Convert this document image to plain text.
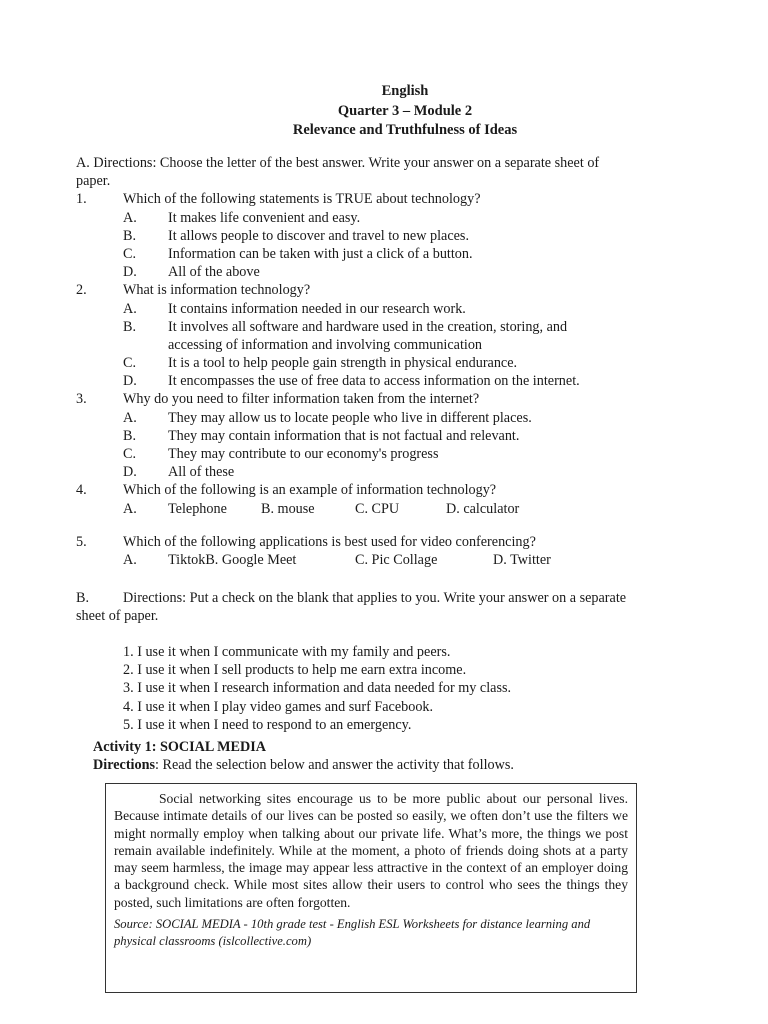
English
Quarter 3 – Module 2
Relevance and Truthfulness of Ideas
A. Directions: Choose the letter of the best answer. Write your answer on a separate sheet of
paper.
1.	Which of the following statements is TRUE about technology?
A. It makes life convenient and easy.
B. It allows people to discover and travel to new places.
C. Information can be taken with just a click of a button.
D. All of the above
2.	What is information technology?
A. It contains information needed in our research work.
B. It involves all software and hardware used in the creation, storing, and
accessing of information and involving communication
C. It is a tool to help people gain strength in physical endurance.
D. It encompasses the use of free data to access information on the internet.
3.	Why do you need to filter information taken from the internet?
A. They may allow us to locate people who live in different places.
B. They may contain information that is not factual and relevant.
C. They may contribute to our economy's progress
D. All of these
4.	Which of the following is an example of information technology?
A. Telephone B. mouse	C. CPU	D. calculator
5.	Which of the following applications is best used for video conferencing?
A. TiktokB. Google Meet	C. Pic Collage	D. Twitter
B. Directions: Put a check on the blank that applies to you. Write your answer on a separate
sheet of paper.
1. I use it when I communicate with my family and peers.
2. I use it when I sell products to help me earn extra income.
3. I use it when I research information and data needed for my class.
4. I use it when I play video games and surf Facebook.
5. I use it when I need to respond to an emergency.
Activity 1: SOCIAL MEDIA
Directions: Read the selection below and answer the activity that follows.

Social networking sites encourage us to be more public about our personal lives. Because intimate details of our lives can be posted so easily, we often don’t use the filters we might normally employ when talking about our private life. What’s more, the things we post remain available indefinitely. While at the moment, a photo of friends doing shots at a party may seem harmless, the image may appear less attractive in the context of an employer doing a background check. While most sites allow their users to control who sees the things they posted, such limitations are often forgotten.

Source: SOCIAL MEDIA - 10th grade test - English ESL Worksheets for distance learning and physical classrooms (islcollective.com)
